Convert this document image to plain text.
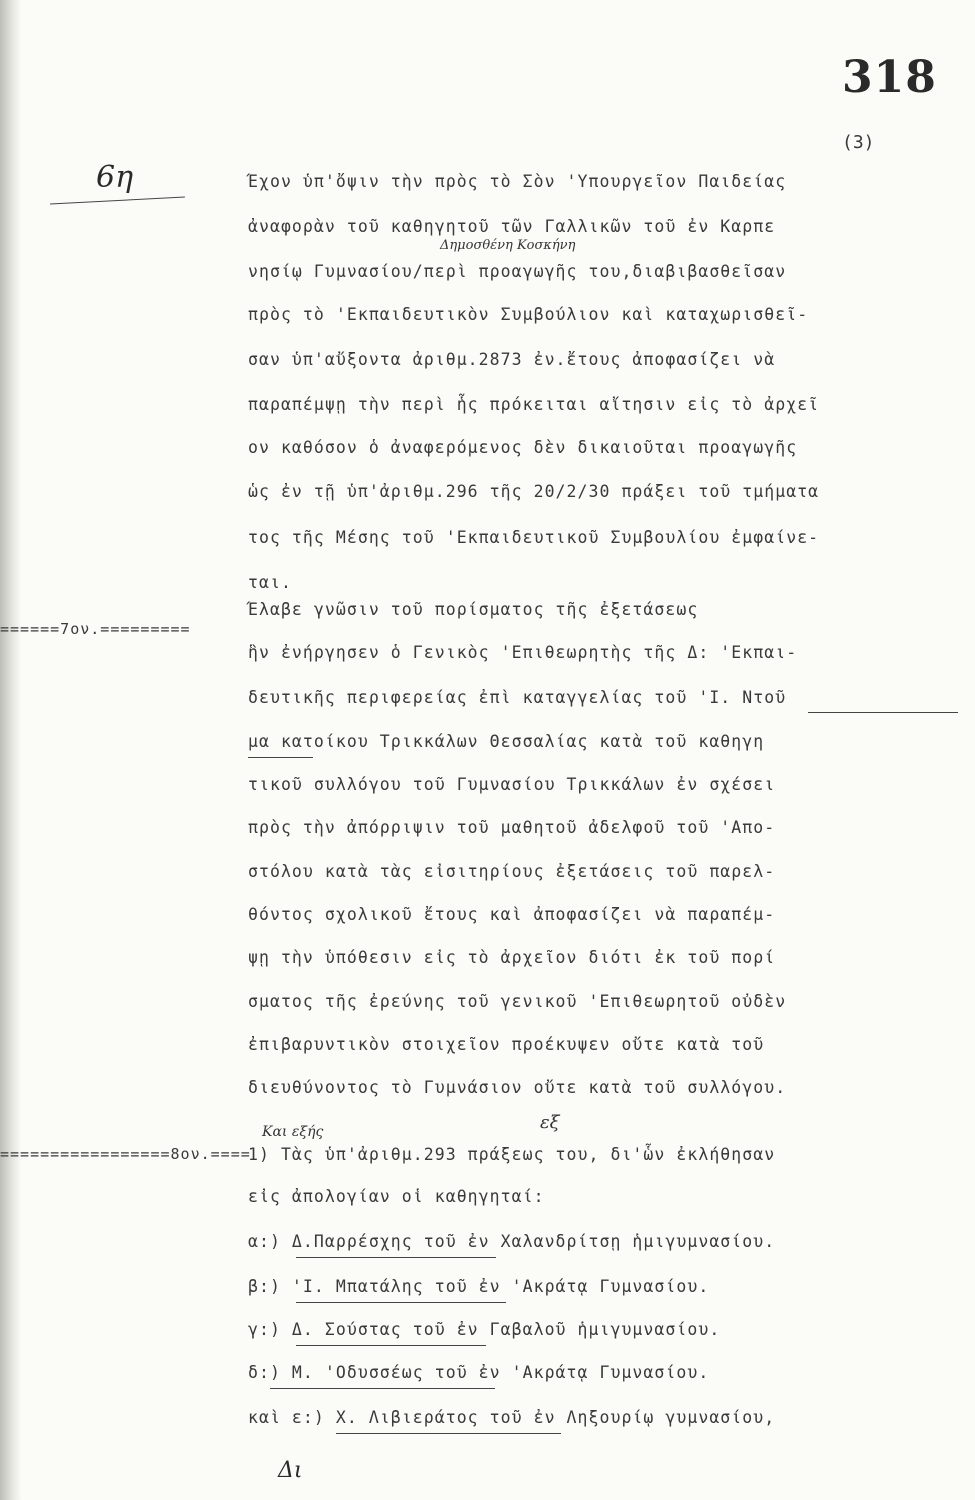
318
(3)
6η
======7ον.=========
=================8ον.====
Δημοσθένη Κοσκήνη
Και εξής	εξ
Έχον ὑπ'ὄψιν τὴν πρὸς τὸ Σὸν 'Υπουργεῖον Παιδείας
ἀναφορὰν τοῦ καθηγητοῦ τῶν Γαλλικῶν τοῦ ἐν Καρπε
νησίῳ Γυμνασίου/περὶ προαγωγῆς του,διαβιβασθεῖσαν
πρὸς τὸ 'Εκπαιδευτικὸν Συμβούλιον καὶ καταχωρισθεῖ-
σαν ὑπ'αὔξοντα ἀριθμ.2873 ἐν.ἔτους ἀποφασίζει νὰ
παραπέμψῃ τὴν περὶ ἧς πρόκειται αἴτησιν εἰς τὸ ἀρχεῖ
ον καθόσον ὁ ἀναφερόμενος δὲν δικαιοῦται προαγωγῆς
ὡς ἐν τῇ ὑπ'ἀριθμ.296 τῆς 20/2/30 πράξει τοῦ τμήματα
τος τῆς Μέσης τοῦ 'Εκπαιδευτικοῦ Συμβουλίου ἐμφαίνε-
ται.
Έλαβε γνῶσιν τοῦ πορίσματος τῆς ἐξετάσεως
ἣν ἐνήργησεν ὁ Γενικὸς 'Επιθεωρητὴς τῆς Δ: 'Εκπαι-
δευτικῆς περιφερείας ἐπὶ καταγγελίας τοῦ 'Ι. Ντοῦ
μα κατοίκου Τρικκάλων Θεσσαλίας κατὰ τοῦ καθηγη
τικοῦ συλλόγου τοῦ Γυμνασίου Τρικκάλων ἐν σχέσει
πρὸς τὴν ἀπόρριψιν τοῦ μαθητοῦ ἀδελφοῦ τοῦ 'Απο-
στόλου κατὰ τὰς εἰσιτηρίους ἐξετάσεις τοῦ παρελ-
θόντος σχολικοῦ ἔτους καὶ ἀποφασίζει νὰ παραπέμ-
ψῃ τὴν ὑπόθεσιν εἰς τὸ ἀρχεῖον διότι ἐκ τοῦ πορί
σματος τῆς ἐρεύνης τοῦ γενικοῦ 'Επιθεωρητοῦ οὐδὲν
ἐπιβαρυντικὸν στοιχεῖον προέκυψεν οὔτε κατὰ τοῦ
διευθύνοντος τὸ Γυμνάσιον οὔτε κατὰ τοῦ συλλόγου.
1) Τὰς ὑπ'ἀριθμ.293 πράξεως του, δι'ὧν ἐκλήθησαν
εἰς ἀπολογίαν οἱ καθηγηταί:
α:) Δ.Παρρέσχης τοῦ ἐν Χαλανδρίτσῃ ἡμιγυμνασίου.
β:) 'Ι. Μπατάλης τοῦ ἐν 'Ακράτᾳ Γυμνασίου.
γ:) Δ. Σούστας τοῦ ἐν Γαβαλοῦ ἡμιγυμνασίου.
δ:) Μ. 'Οδυσσέως τοῦ ἐν 'Ακράτᾳ Γυμνασίου.
καὶ ε:) Χ. Λιβιεράτος τοῦ ἐν Ληξουρίῳ γυμνασίου,
Δι
